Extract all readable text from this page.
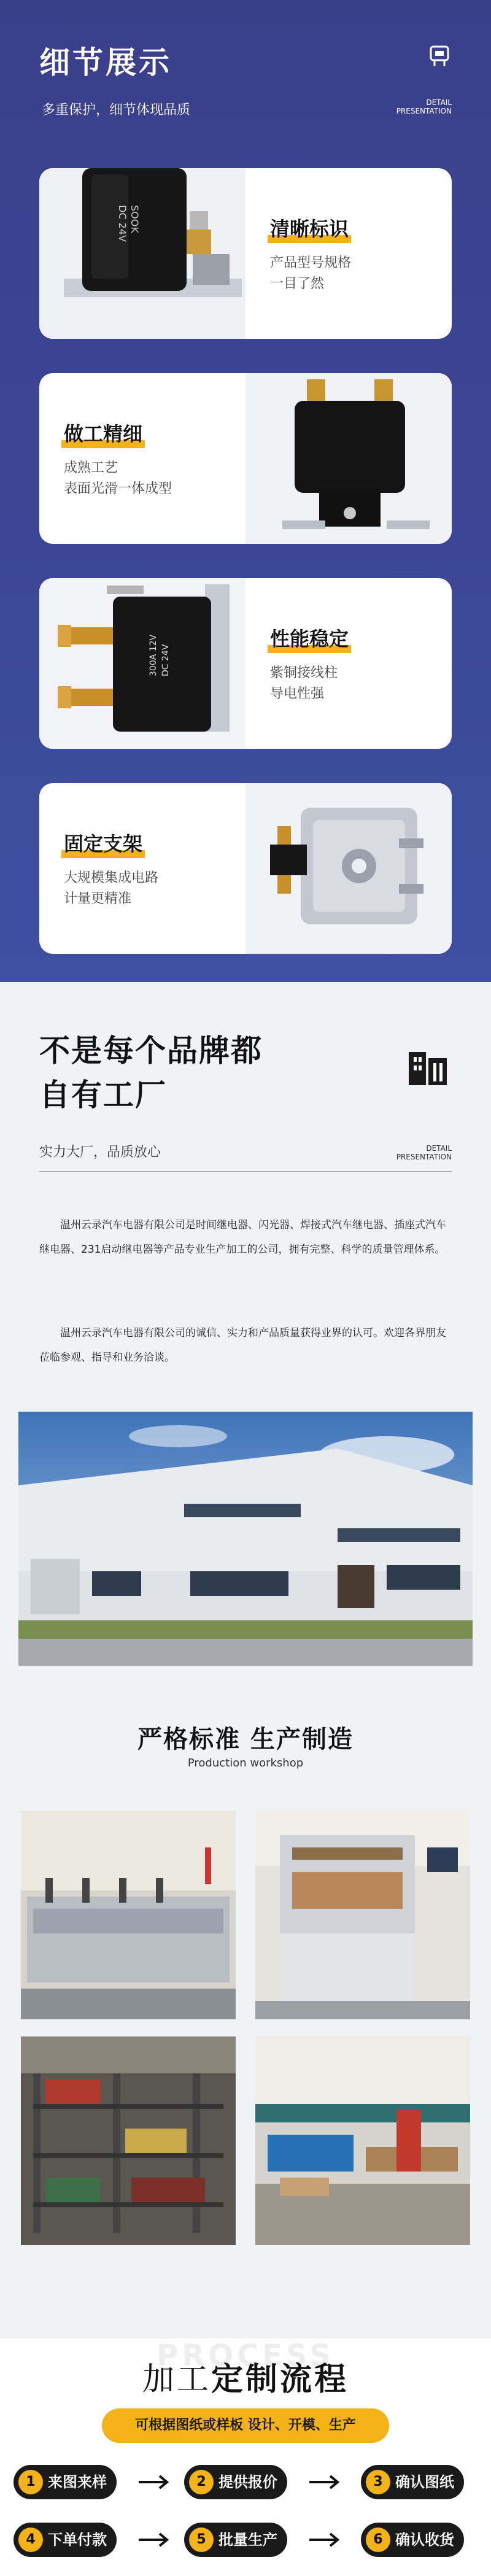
细节展示
多重保护，细节体现品质	DETAIL
PRESENTATION
SOOK
DC 24V	清晰标识
产品型号规格
一目了然
做工精细
成熟工艺
表面光滑一体成型
300A 12V DC 24V
性能稳定
紫铜接线柱
导电性强
固定支架
大规模集成电路
计量更精准
不是每个品牌都
自有工厂
实力大厂，品质放心	DETAIL
PRESENTATION
温州云录汽车电器有限公司是时间继电器、闪光器、焊接式汽车继电器、插座式汽车继电器、231启动继电器等产品专业生产加工的公司，拥有完整、科学的质量管理体系。
温州云录汽车电器有限公司的诚信、实力和产品质量获得业界的认可。欢迎各界朋友莅临参观、指导和业务洽谈。
严格标准 生产制造
Production workshop
PROCESS
加工定制流程
可根据图纸或样板 设计、开模、生产
1 来图来样	2 提供报价	3 确认图纸
4 下单付款	5 批量生产	6 确认收货
